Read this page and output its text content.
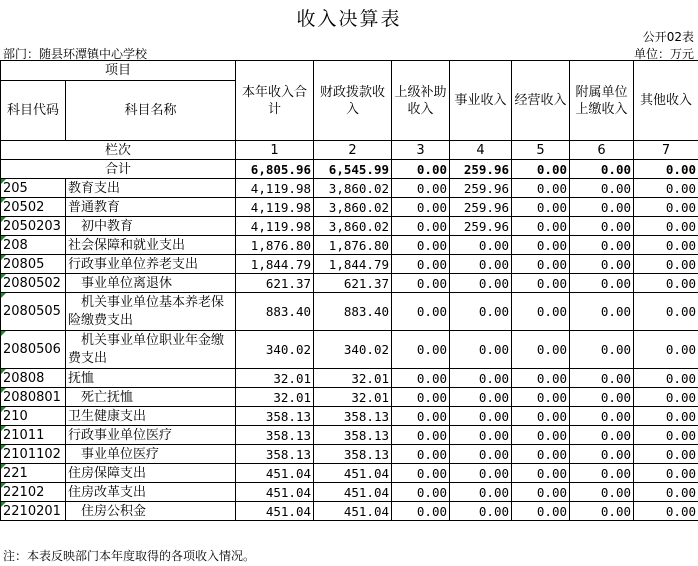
收入决算表
公开02表
部门：随县环潭镇中心学校	单位：万元
项目		本年收入合计	财政拨款收入	上级补助收入	事业收入	经营收入	附属单位上缴收入	其他收入
科目代码	科目名称							
栏次		1	2	3	4	5	6	7
合计		6,805.96	6,545.99	0.00	259.96	0.00	0.00	0.00
205	教育支出	4,119.98	3,860.02	0.00	259.96	0.00	0.00	0.00
20502	普通教育	4,119.98	3,860.02	0.00	259.96	0.00	0.00	0.00
2050203	　初中教育	4,119.98	3,860.02	0.00	259.96	0.00	0.00	0.00
208	社会保障和就业支出	1,876.80	1,876.80	0.00	0.00	0.00	0.00	0.00
20805	行政事业单位养老支出	1,844.79	1,844.79	0.00	0.00	0.00	0.00	0.00
2080502	　事业单位离退休	621.37	621.37	0.00	0.00	0.00	0.00	0.00
2080505	　机关事业单位基本养老保险缴费支出	883.40	883.40	0.00	0.00	0.00	0.00	0.00
2080506	　机关事业单位职业年金缴费支出	340.02	340.02	0.00	0.00	0.00	0.00	0.00
20808	抚恤	32.01	32.01	0.00	0.00	0.00	0.00	0.00
2080801	　死亡抚恤	32.01	32.01	0.00	0.00	0.00	0.00	0.00
210	卫生健康支出	358.13	358.13	0.00	0.00	0.00	0.00	0.00
21011	行政事业单位医疗	358.13	358.13	0.00	0.00	0.00	0.00	0.00
2101102	　事业单位医疗	358.13	358.13	0.00	0.00	0.00	0.00	0.00
221	住房保障支出	451.04	451.04	0.00	0.00	0.00	0.00	0.00
22102	住房改革支出	451.04	451.04	0.00	0.00	0.00	0.00	0.00
2210201	　住房公积金	451.04	451.04	0.00	0.00	0.00	0.00	0.00
注：本表反映部门本年度取得的各项收入情况。
